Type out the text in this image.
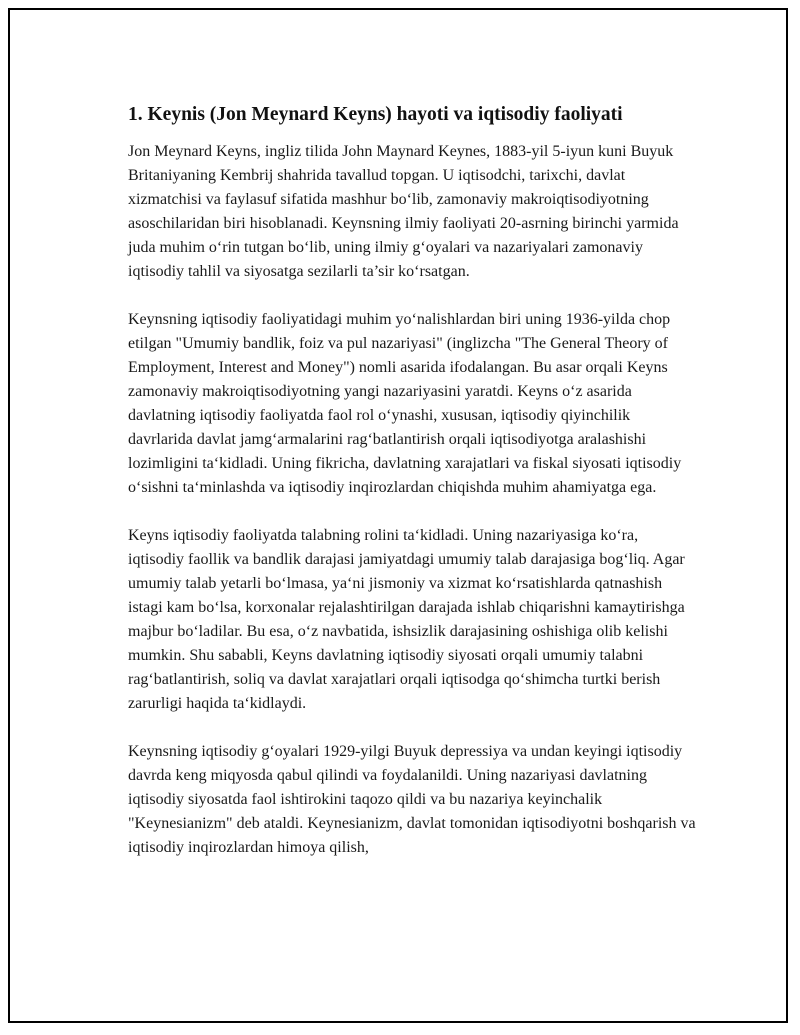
1. Keynis (Jon Meynard Keyns) hayoti va iqtisodiy faoliyati

Jon Meynard Keyns, ingliz tilida John Maynard Keynes, 1883-yil 5-iyun kuni Buyuk Britaniyaning Kembrij shahrida tavallud topgan. U iqtisodchi, tarixchi, davlat xizmatchisi va faylasuf sifatida mashhur bo‘lib, zamonaviy makroiqtisodiyotning asoschilaridan biri hisoblanadi. Keynsning ilmiy faoliyati 20-asrning birinchi yarmida juda muhim o‘rin tutgan bo‘lib, uning ilmiy g‘oyalari va nazariyalari zamonaviy iqtisodiy tahlil va siyosatga sezilarli ta’sir ko‘rsatgan.

Keynsning iqtisodiy faoliyatidagi muhim yo‘nalishlardan biri uning 1936-yilda chop etilgan "Umumiy bandlik, foiz va pul nazariyasi" (inglizcha "The General Theory of Employment, Interest and Money") nomli asarida ifodalangan. Bu asar orqali Keyns zamonaviy makroiqtisodiyotning yangi nazariyasini yaratdi. Keyns o‘z asarida davlatning iqtisodiy faoliyatda faol rol o‘ynashi, xususan, iqtisodiy qiyinchilik davrlarida davlat jamg‘armalarini rag‘batlantirish orqali iqtisodiyotga aralashishi lozimligini ta‘kidladi. Uning fikricha, davlatning xarajatlari va fiskal siyosati iqtisodiy o‘sishni ta‘minlashda va iqtisodiy inqirozlardan chiqishda muhim ahamiyatga ega.

Keyns iqtisodiy faoliyatda talabning rolini ta‘kidladi. Uning nazariyasiga ko‘ra, iqtisodiy faollik va bandlik darajasi jamiyatdagi umumiy talab darajasiga bog‘liq. Agar umumiy talab yetarli bo‘lmasa, ya‘ni jismoniy va xizmat ko‘rsatishlarda qatnashish istagi kam bo‘lsa, korxonalar rejalashtirilgan darajada ishlab chiqarishni kamaytirishga majbur bo‘ladilar. Bu esa, o‘z navbatida, ishsizlik darajasining oshishiga olib kelishi mumkin. Shu sababli, Keyns davlatning iqtisodiy siyosati orqali umumiy talabni rag‘batlantirish, soliq va davlat xarajatlari orqali iqtisodga qo‘shimcha turtki berish zarurligi haqida ta‘kidlaydi.

Keynsning iqtisodiy g‘oyalari 1929-yilgi Buyuk depressiya va undan keyingi iqtisodiy davrda keng miqyosda qabul qilindi va foydalanildi. Uning nazariyasi davlatning iqtisodiy siyosatda faol ishtirokini taqozo qildi va bu nazariya keyinchalik "Keynesianizm" deb ataldi. Keynesianizm, davlat tomonidan iqtisodiyotni boshqarish va iqtisodiy inqirozlardan himoya qilish,
